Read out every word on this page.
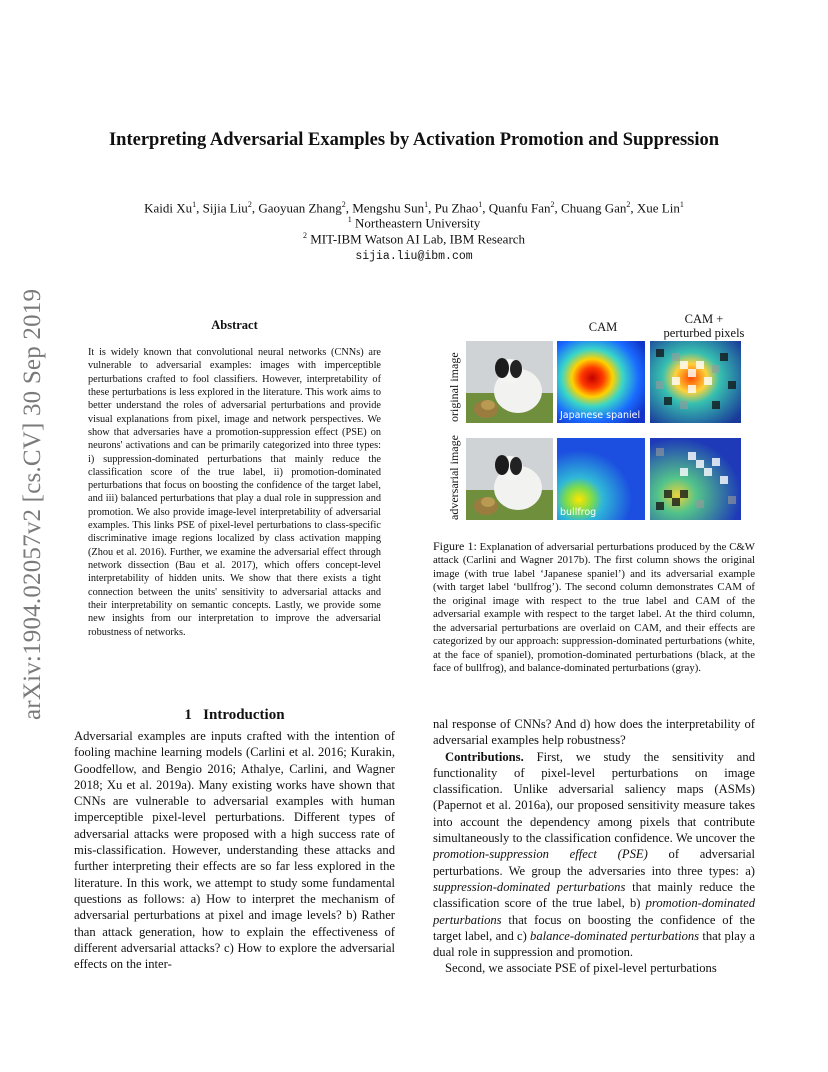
arXiv:1904.02057v2 [cs.CV] 30 Sep 2019
Interpreting Adversarial Examples by Activation Promotion and Suppression
Kaidi Xu$^1$, Sijia Liu$^2$, Gaoyuan Zhang$^2$, Mengshu Sun$^1$, Pu Zhao$^1$, Quanfu Fan$^2$, Chuang Gan$^2$, Xue Lin$^1$
$^1$ Northeastern University
$^2$ MIT-IBM Watson AI Lab, IBM Research
sijia.liu@ibm.com
Abstract
It is widely known that convolutional neural networks (CNNs) are vulnerable to adversarial examples: images with imperceptible perturbations crafted to fool classifiers. However, interpretability of these perturbations is less explored in the literature. This work aims to better understand the roles of adversarial perturbations and provide visual explanations from pixel, image and network perspectives. We show that adversaries have a promotion-suppression effect (PSE) on neurons' activations and can be primarily categorized into three types: i) suppression-dominated perturbations that mainly reduce the classification score of the true label, ii) promotion-dominated perturbations that focus on boosting the confidence of the target label, and iii) balanced perturbations that play a dual role in suppression and promotion. We also provide image-level interpretability of adversarial examples. This links PSE of pixel-level perturbations to class-specific discriminative image regions localized by class activation mapping (Zhou et al. 2016). Further, we examine the adversarial effect through network dissection (Bau et al. 2017), which offers concept-level interpretability of hidden units. We show that there exists a tight connection between the units' sensitivity to adversarial attacks and their interpretability on semantic concepts. Lastly, we provide some new insights from our interpretation to improve the adversarial robustness of networks.
1 Introduction
Adversarial examples are inputs crafted with the intention of fooling machine learning models (Carlini et al. 2016; Kurakin, Goodfellow, and Bengio 2016; Athalye, Carlini, and Wagner 2018; Xu et al. 2019a). Many existing works have shown that CNNs are vulnerable to adversarial examples with human imperceptible pixel-level perturbations. Different types of adversarial attacks were proposed with a high success rate of mis-classification. However, understanding these attacks and further interpreting their effects are so far less explored in the literature. In this work, we attempt to study some fundamental questions as follows: a) How to interpret the mechanism of adversarial perturbations at pixel and image levels? b) Rather than attack generation, how to explain the effectiveness of different adversarial attacks? c) How to explore the adversarial effects on the inter-
CAM
CAM +
perturbed pixels
original image
adversarial image
Japanese spaniel
bullfrog
Figure 1: Explanation of adversarial perturbations produced by the C&W attack (Carlini and Wagner 2017b). The first column shows the original image (with true label ‘Japanese spaniel’) and its adversarial example (with target label ‘bullfrog’). The second column demonstrates CAM of the original image with respect to the true label and CAM of the adversarial example with respect to the target label. At the third column, the adversarial perturbations are overlaid on CAM, and their effects are categorized by our approach: suppression-dominated perturbations (white, at the face of spaniel), promotion-dominated perturbations (black, at the face of bullfrog), and balance-dominated perturbations (gray).

nal response of CNNs? And d) how does the interpretability of adversarial examples help robustness?

Contributions. First, we study the sensitivity and functionality of pixel-level perturbations on image classification. Unlike adversarial saliency maps (ASMs) (Papernot et al. 2016a), our proposed sensitivity measure takes into account the dependency among pixels that contribute simultaneously to the classification confidence. We uncover the promotion-suppression effect (PSE) of adversarial perturbations. We group the adversaries into three types: a) suppression-dominated perturbations that mainly reduce the classification score of the true label, b) promotion-dominated perturbations that focus on boosting the confidence of the target label, and c) balance-dominated perturbations that play a dual role in suppression and promotion.

Second, we associate PSE of pixel-level perturbations
